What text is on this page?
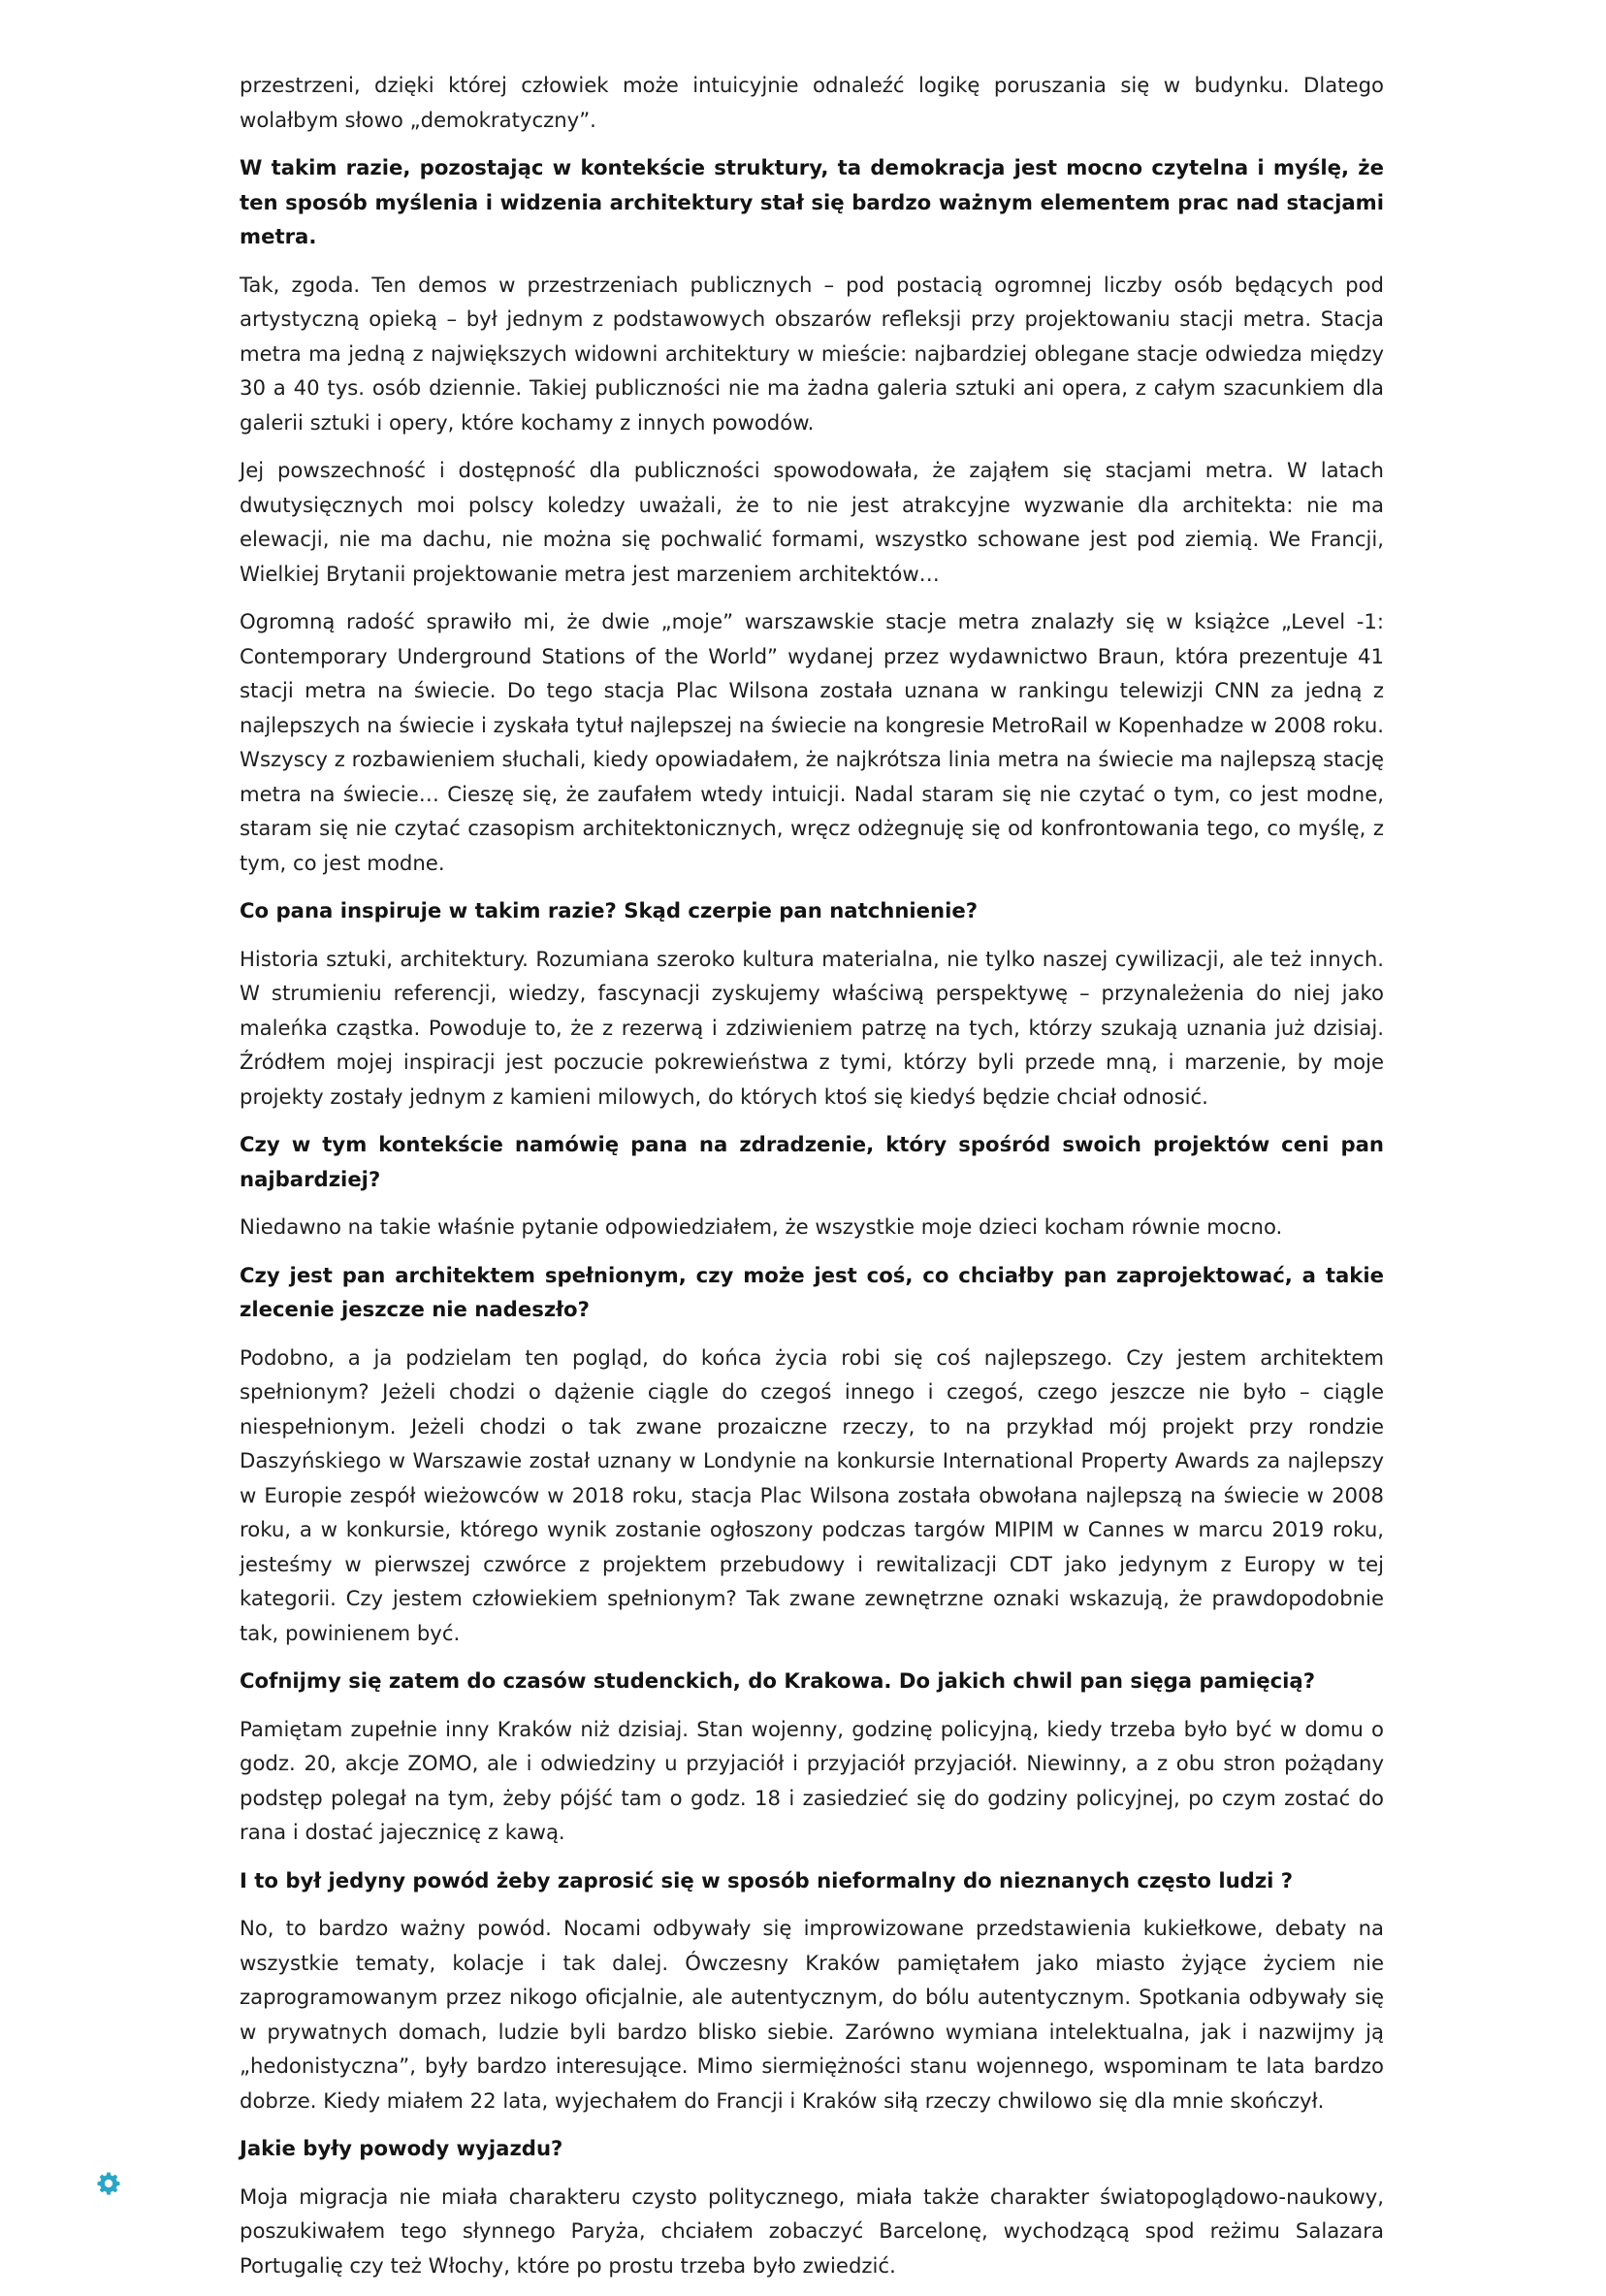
przestrzeni, dzięki której człowiek może intuicyjnie odnaleźć logikę poruszania się w budynku. Dlatego wolałbym słowo „demokratyczny”.

W takim razie, pozostając w kontekście struktury, ta demokracja jest mocno czytelna i myślę, że ten sposób myślenia i widzenia architektury stał się bardzo ważnym elementem prac nad stacjami metra.

Tak, zgoda. Ten demos w przestrzeniach publicznych – pod postacią ogromnej liczby osób będących pod artystyczną opieką – był jednym z podstawowych obszarów refleksji przy projektowaniu stacji metra. Stacja metra ma jedną z największych widowni architektury w mieście: najbardziej oblegane stacje odwiedza między 30 a 40 tys. osób dziennie. Takiej publiczności nie ma żadna galeria sztuki ani opera, z całym szacunkiem dla galerii sztuki i opery, które kochamy z innych powodów.

Jej powszechność i dostępność dla publiczności spowodowała, że zająłem się stacjami metra. W latach dwutysięcznych moi polscy koledzy uważali, że to nie jest atrakcyjne wyzwanie dla architekta: nie ma elewacji, nie ma dachu, nie można się pochwalić formami, wszystko schowane jest pod ziemią. We Francji, Wielkiej Brytanii projektowanie metra jest marzeniem architektów…

Ogromną radość sprawiło mi, że dwie „moje” warszawskie stacje metra znalazły się w książce „Level -1: Contemporary Underground Stations of the World” wydanej przez wydawnictwo Braun, która prezentuje 41 stacji metra na świecie. Do tego stacja Plac Wilsona została uznana w rankingu telewizji CNN za jedną z najlepszych na świecie i zyskała tytuł najlepszej na świecie na kongresie MetroRail w Kopenhadze w 2008 roku. Wszyscy z rozbawieniem słuchali, kiedy opowiadałem, że najkrótsza linia metra na świecie ma najlepszą stację metra na świecie… Cieszę się, że zaufałem wtedy intuicji. Nadal staram się nie czytać o tym, co jest modne, staram się nie czytać czasopism architektonicznych, wręcz odżegnuję się od konfrontowania tego, co myślę, z tym, co jest modne.

Co pana inspiruje w takim razie? Skąd czerpie pan natchnienie?

Historia sztuki, architektury. Rozumiana szeroko kultura materialna, nie tylko naszej cywilizacji, ale też innych. W strumieniu referencji, wiedzy, fascynacji zyskujemy właściwą perspektywę – przynależenia do niej jako maleńka cząstka. Powoduje to, że z rezerwą i zdziwieniem patrzę na tych, którzy szukają uznania już dzisiaj. Źródłem mojej inspiracji jest poczucie pokrewieństwa z tymi, którzy byli przede mną, i marzenie, by moje projekty zostały jednym z kamieni milowych, do których ktoś się kiedyś będzie chciał odnosić.

Czy w tym kontekście namówię pana na zdradzenie, który spośród swoich projektów ceni pan najbardziej?

Niedawno na takie właśnie pytanie odpowiedziałem, że wszystkie moje dzieci kocham równie mocno.

Czy jest pan architektem spełnionym, czy może jest coś, co chciałby pan zaprojektować, a takie zlecenie jeszcze nie nadeszło?

Podobno, a ja podzielam ten pogląd, do końca życia robi się coś najlepszego. Czy jestem architektem spełnionym? Jeżeli chodzi o dążenie ciągle do czegoś innego i czegoś, czego jeszcze nie było – ciągle niespełnionym. Jeżeli chodzi o tak zwane prozaiczne rzeczy, to na przykład mój projekt przy rondzie Daszyńskiego w Warszawie został uznany w Londynie na konkursie International Property Awards za najlepszy w Europie zespół wieżowców w 2018 roku, stacja Plac Wilsona została obwołana najlepszą na świecie w 2008 roku, a w konkursie, którego wynik zostanie ogłoszony podczas targów MIPIM w Cannes w marcu 2019 roku, jesteśmy w pierwszej czwórce z projektem przebudowy i rewitalizacji CDT jako jedynym z Europy w tej kategorii. Czy jestem człowiekiem spełnionym? Tak zwane zewnętrzne oznaki wskazują, że prawdopodobnie tak, powinienem być.

Cofnijmy się zatem do czasów studenckich, do Krakowa. Do jakich chwil pan sięga pamięcią?

Pamiętam zupełnie inny Kraków niż dzisiaj. Stan wojenny, godzinę policyjną, kiedy trzeba było być w domu o godz. 20, akcje ZOMO, ale i odwiedziny u przyjaciół i przyjaciół przyjaciół. Niewinny, a z obu stron pożądany podstęp polegał na tym, żeby pójść tam o godz. 18 i zasiedzieć się do godziny policyjnej, po czym zostać do rana i dostać jajecznicę z kawą.

I to był jedyny powód żeby zaprosić się w sposób nieformalny do nieznanych często ludzi ?

No, to bardzo ważny powód. Nocami odbywały się improwizowane przedstawienia kukiełkowe, debaty na wszystkie tematy, kolacje i tak dalej. Ówczesny Kraków pamiętałem jako miasto żyjące życiem nie zaprogramowanym przez nikogo oficjalnie, ale autentycznym, do bólu autentycznym. Spotkania odbywały się w prywatnych domach, ludzie byli bardzo blisko siebie. Zarówno wymiana intelektualna, jak i nazwijmy ją „hedonistyczna”, były bardzo interesujące. Mimo siermiężności stanu wojennego, wspominam te lata bardzo dobrze. Kiedy miałem 22 lata, wyjechałem do Francji i Kraków siłą rzeczy chwilowo się dla mnie skończył.

Jakie były powody wyjazdu?

Moja migracja nie miała charakteru czysto politycznego, miała także charakter światopoglądowo-naukowy, poszukiwałem tego słynnego Paryża, chciałem zobaczyć Barcelonę, wychodzącą spod reżimu Salazara Portugalię czy też Włochy, które po prostu trzeba było zwiedzić.
